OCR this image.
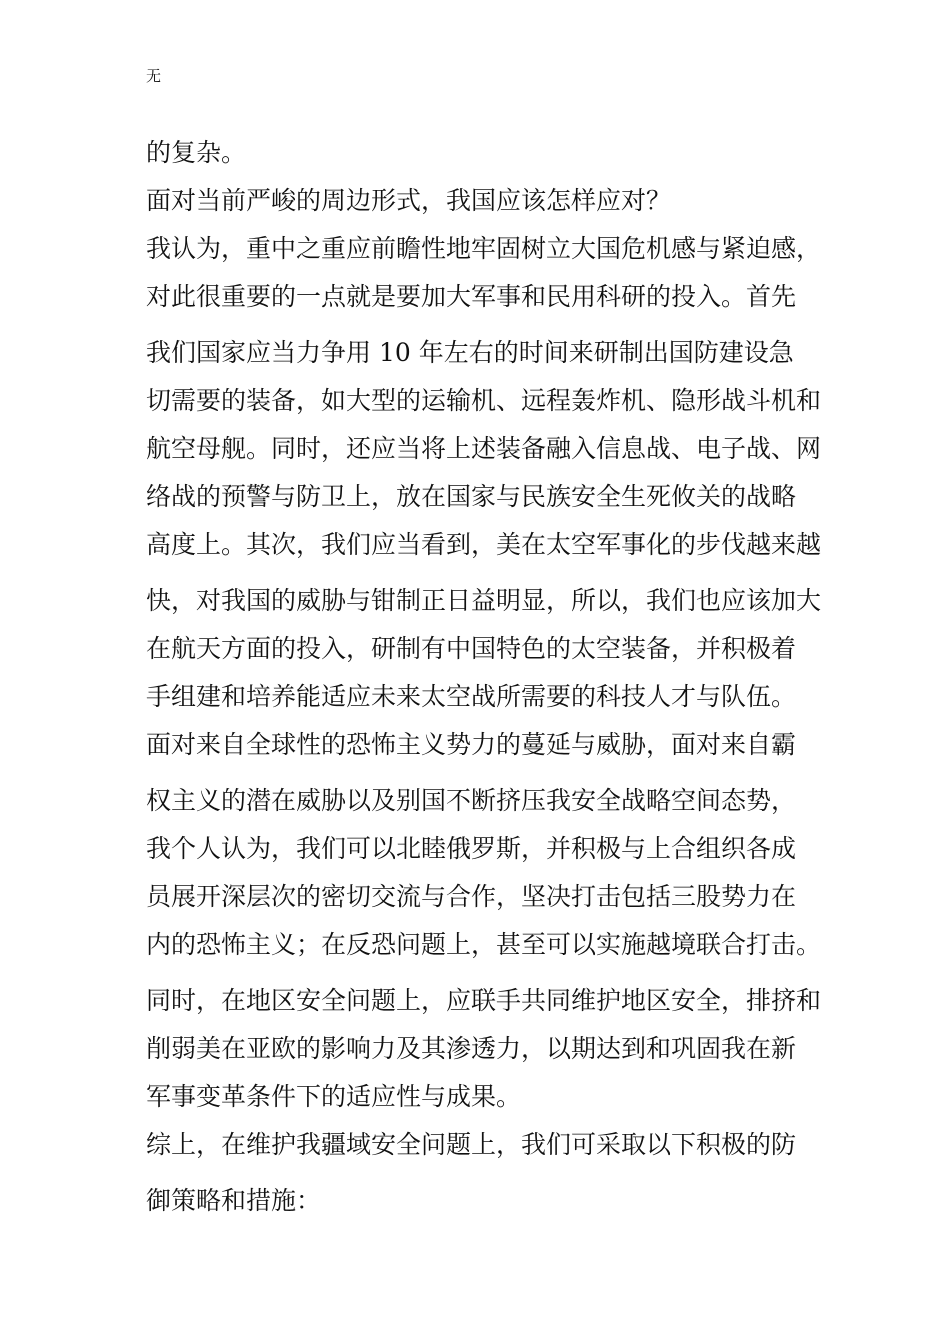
无
的复杂。
面对当前严峻的周边形式，我国应该怎样应对？
我认为，重中之重应前瞻性地牢固树立大国危机感与紧迫感，
对此很重要的一点就是要加大军事和民用科研的投入。首先
我们国家应当力争用 10 年左右的时间来研制出国防建设急
切需要的装备，如大型的运输机、远程轰炸机、隐形战斗机和
航空母舰。同时，还应当将上述装备融入信息战、电子战、网
络战的预警与防卫上，放在国家与民族安全生死攸关的战略
高度上。其次，我们应当看到，美在太空军事化的步伐越来越
快，对我国的威胁与钳制正日益明显，所以，我们也应该加大
在航天方面的投入，研制有中国特色的太空装备，并积极着
手组建和培养能适应未来太空战所需要的科技人才与队伍。
面对来自全球性的恐怖主义势力的蔓延与威胁，面对来自霸
权主义的潜在威胁以及别国不断挤压我安全战略空间态势，
我个人认为，我们可以北睦俄罗斯，并积极与上合组织各成
员展开深层次的密切交流与合作，坚决打击包括三股势力在
内的恐怖主义；在反恐问题上，甚至可以实施越境联合打击。
同时，在地区安全问题上，应联手共同维护地区安全，排挤和
削弱美在亚欧的影响力及其渗透力，以期达到和巩固我在新
军事变革条件下的适应性与成果。
综上，在维护我疆域安全问题上，我们可采取以下积极的防
御策略和措施：
